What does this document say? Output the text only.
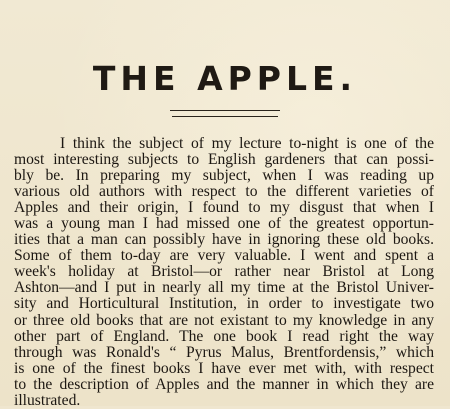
THE APPLE.
I think the subject of my lecture to-night is one of the
most interesting subjects to English gardeners that can possi-
bly be. In preparing my subject, when I was reading up
various old authors with respect to the different varieties of
Apples and their origin, I found to my disgust that when I
was a young man I had missed one of the greatest opportun-
ities that a man can possibly have in ignoring these old books.
Some of them to-day are very valuable. I went and spent a
week's holiday at Bristol—or rather near Bristol at Long
Ashton—and I put in nearly all my time at the Bristol Univer-
sity and Horticultural Institution, in order to investigate two
or three old books that are not existant to my knowledge in any
other part of England. The one book I read right the way
through was Ronald's “ Pyrus Malus, Brentfordensis,” which
is one of the finest books I have ever met with, with respect
to the description of Apples and the manner in which they are
illustrated.
